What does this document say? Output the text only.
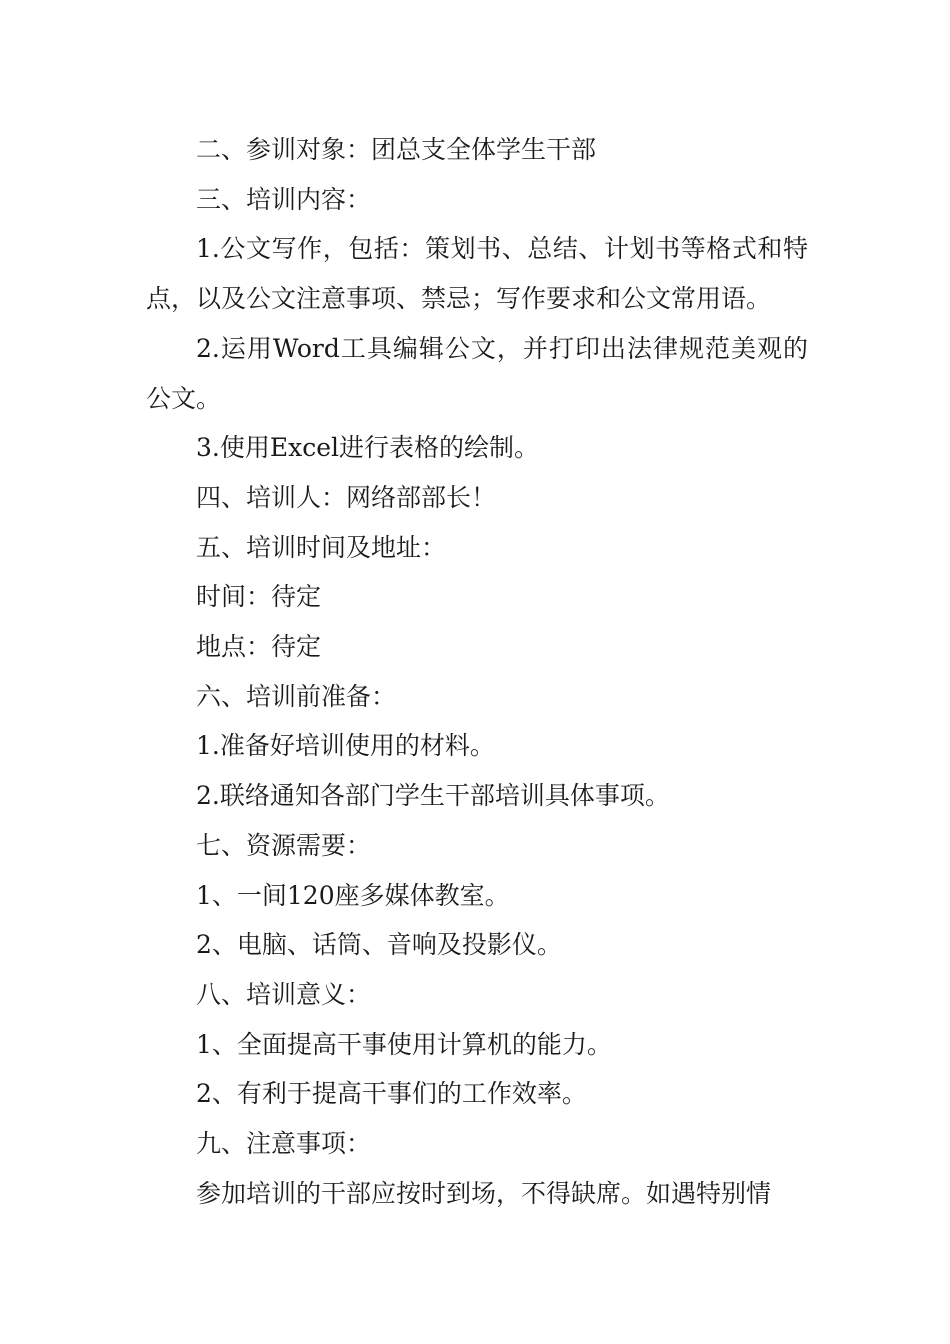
二、参训对象：团总支全体学生干部

三、培训内容：

1.公文写作，包括：策划书、总结、计划书等格式和特点，以及公文注意事项、禁忌；写作要求和公文常用语。

2.运用Word工具编辑公文，并打印出法律规范美观的公文。

3.使用Excel进行表格的绘制。

四、培训人：网络部部长！

五、培训时间及地址：

时间：待定

地点：待定

六、培训前准备：

1.准备好培训使用的材料。

2.联络通知各部门学生干部培训具体事项。

七、资源需要：

1、一间120座多媒体教室。

2、电脑、话筒、音响及投影仪。

八、培训意义：

1、全面提高干事使用计算机的能力。

2、有利于提高干事们的工作效率。

九、注意事项：

参加培训的干部应按时到场，不得缺席。如遇特别情
